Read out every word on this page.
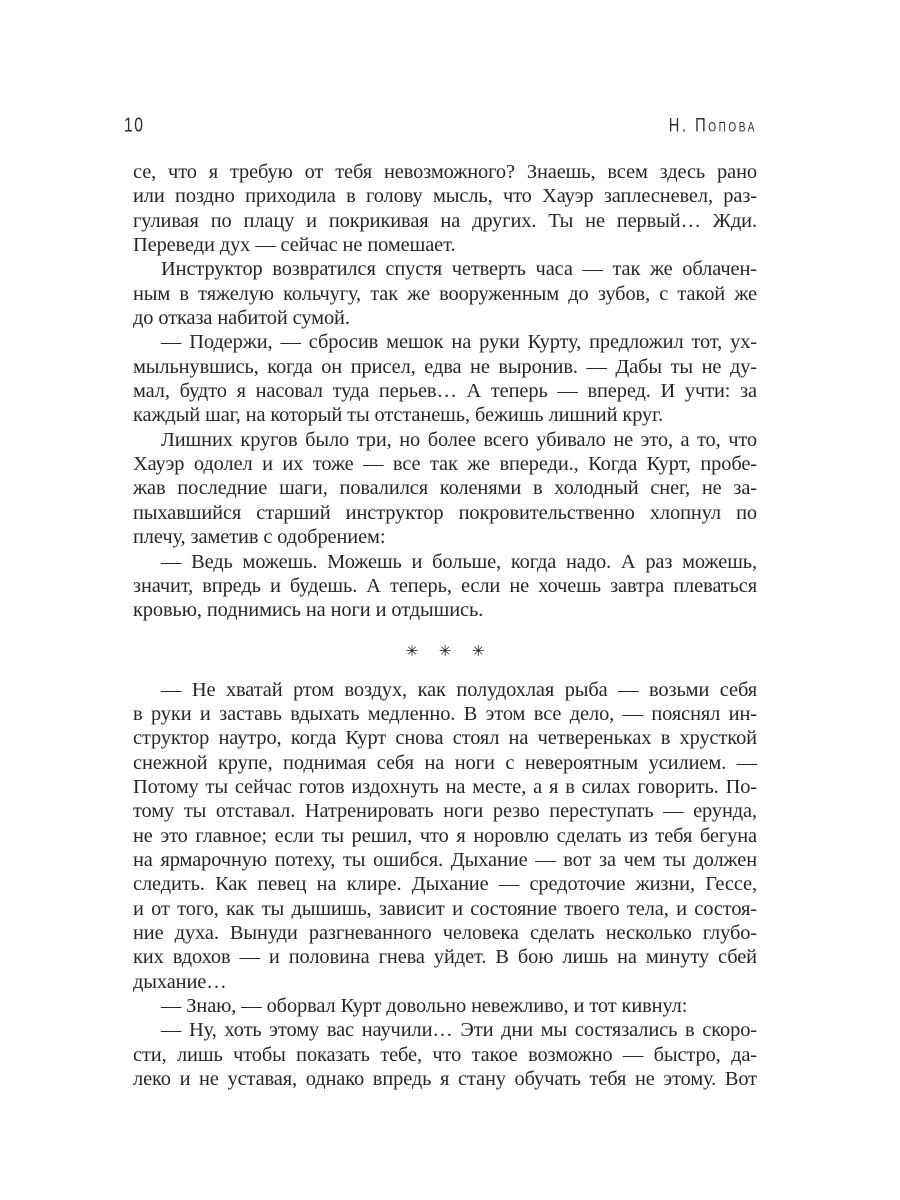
10	Н. Попова
се, что я требую от тебя невозможного? Знаешь, всем здесь рано
или поздно приходила в голову мысль, что Хауэр заплесневел, раз-
гуливая по плацу и покрикивая на других. Ты не первый… Жди.
Переведи дух — сейчас не помешает.
Инструктор возвратился спустя четверть часа — так же облачен-
ным в тяжелую кольчугу, так же вооруженным до зубов, с такой же
до отказа набитой сумой.
— Подержи, — сбросив мешок на руки Курту, предложил тот, ух-
мыльнувшись, когда он присел, едва не выронив. — Дабы ты не ду-
мал, будто я насовал туда перьев… А теперь — вперед. И учти: за
каждый шаг, на который ты отстанешь, бежишь лишний круг.
Лишних кругов было три, но более всего убивало не это, а то, что
Хауэр одолел и их тоже — все так же впереди., Когда Курт, пробе-
жав последние шаги, повалился коленями в холодный снег, не за-
пыхавшийся старший инструктор покровительственно хлопнул по
плечу, заметив с одобрением:
— Ведь можешь. Можешь и больше, когда надо. А раз можешь,
значит, впредь и будешь. А теперь, если не хочешь завтра плеваться
кровью, поднимись на ноги и отдышись.
✳ ✳ ✳
— Не хватай ртом воздух, как полудохлая рыба — возьми себя
в руки и заставь вдыхать медленно. В этом все дело, — пояснял ин-
структор наутро, когда Курт снова стоял на четвереньках в хрусткой
снежной крупе, поднимая себя на ноги с невероятным усилием. —
Потому ты сейчас готов издохнуть на месте, а я в силах говорить. По-
тому ты отставал. Натренировать ноги резво переступать — ерунда,
не это главное; если ты решил, что я норовлю сделать из тебя бегуна
на ярмарочную потеху, ты ошибся. Дыхание — вот за чем ты должен
следить. Как певец на клире. Дыхание — средоточие жизни, Гессе,
и от того, как ты дышишь, зависит и состояние твоего тела, и состоя-
ние духа. Вынуди разгневанного человека сделать несколько глубо-
ких вдохов — и половина гнева уйдет. В бою лишь на минуту сбей
дыхание…
— Знаю, — оборвал Курт довольно невежливо, и тот кивнул:
— Ну, хоть этому вас научили… Эти дни мы состязались в скоро-
сти, лишь чтобы показать тебе, что такое возможно — быстро, да-
леко и не уставая, однако впредь я стану обучать тебя не этому. Вот
